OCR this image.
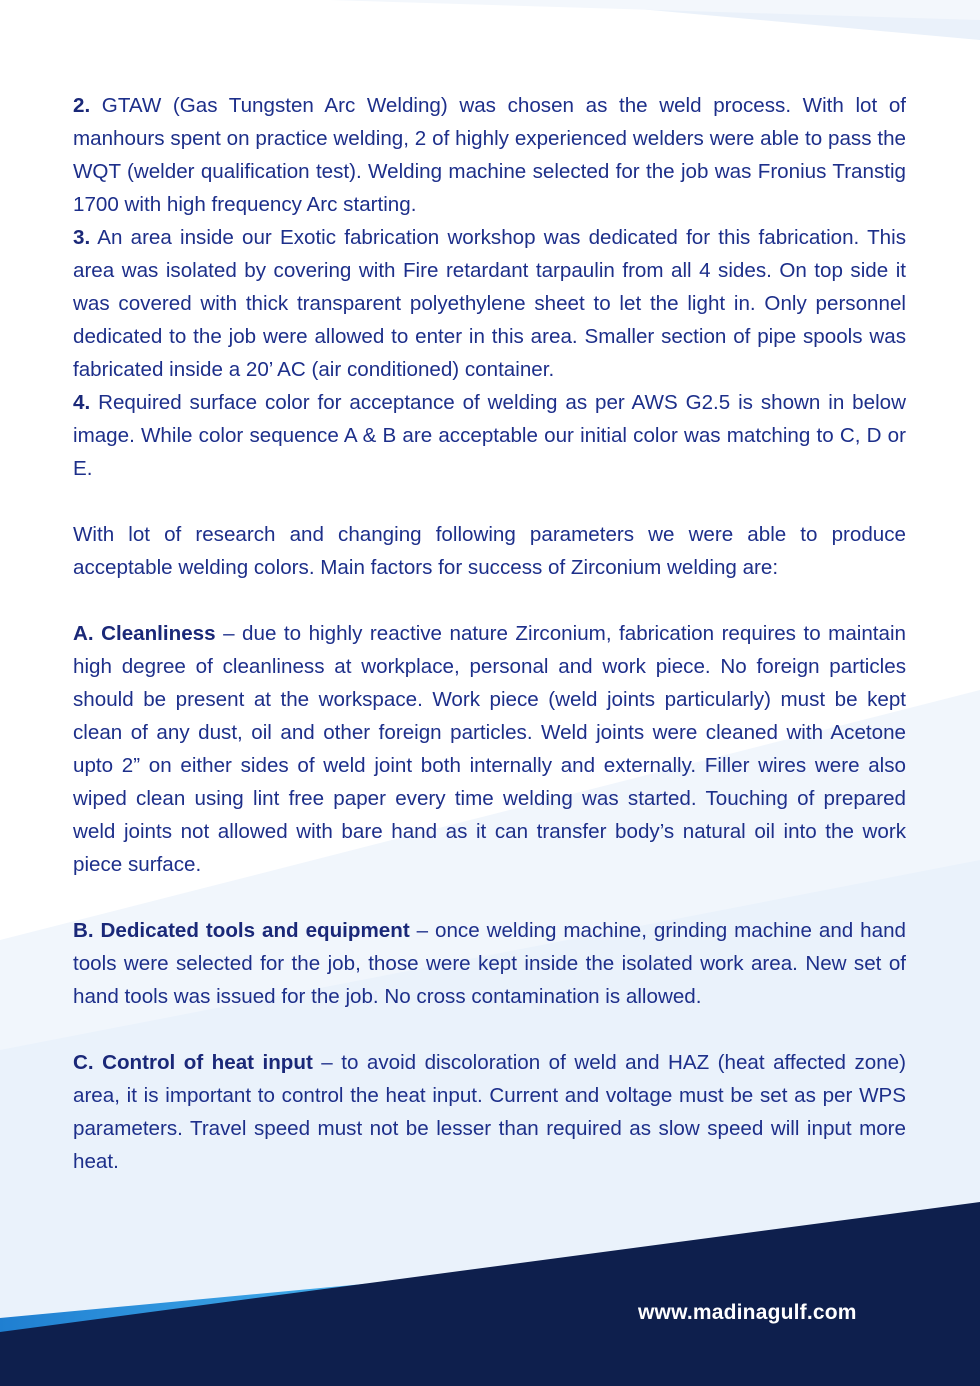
2. GTAW (Gas Tungsten Arc Welding) was chosen as the weld process. With lot of manhours spent on practice welding, 2 of highly experienced welders were able to pass the WQT (welder qualification test). Welding machine selected for the job was Fronius Transtig 1700 with high frequency Arc starting.

3. An area inside our Exotic fabrication workshop was dedicated for this fabrication. This area was isolated by covering with Fire retardant tarpaulin from all 4 sides. On top side it was covered with thick transparent polyethylene sheet to let the light in. Only personnel dedicated to the job were allowed to enter in this area. Smaller section of pipe spools was fabricated inside a 20’ AC (air conditioned) container.

4. Required surface color for acceptance of welding as per AWS G2.5 is shown in below image. While color sequence A & B are acceptable our initial color was matching to C, D or E.

With lot of research and changing following parameters we were able to produce acceptable welding colors. Main factors for success of Zirconium welding are:

A. Cleanliness – due to highly reactive nature Zirconium, fabrication requires to maintain high degree of cleanliness at workplace, personal and work piece. No foreign particles should be present at the workspace. Work piece (weld joints particularly) must be kept clean of any dust, oil and other foreign particles. Weld joints were cleaned with Acetone upto 2” on either sides of weld joint both internally and externally. Filler wires were also wiped clean using lint free paper every time welding was started. Touching of prepared weld joints not allowed with bare hand as it can transfer body’s natural oil into the work piece surface.

B. Dedicated tools and equipment – once welding machine, grinding machine and hand tools were selected for the job, those were kept inside the isolated work area. New set of hand tools was issued for the job. No cross contamination is allowed.

C. Control of heat input – to avoid discoloration of weld and HAZ (heat affected zone) area, it is important to control the heat input. Current and voltage must be set as per WPS parameters. Travel speed must not be lesser than required as slow speed will input more heat.

www.madinagulf.com
